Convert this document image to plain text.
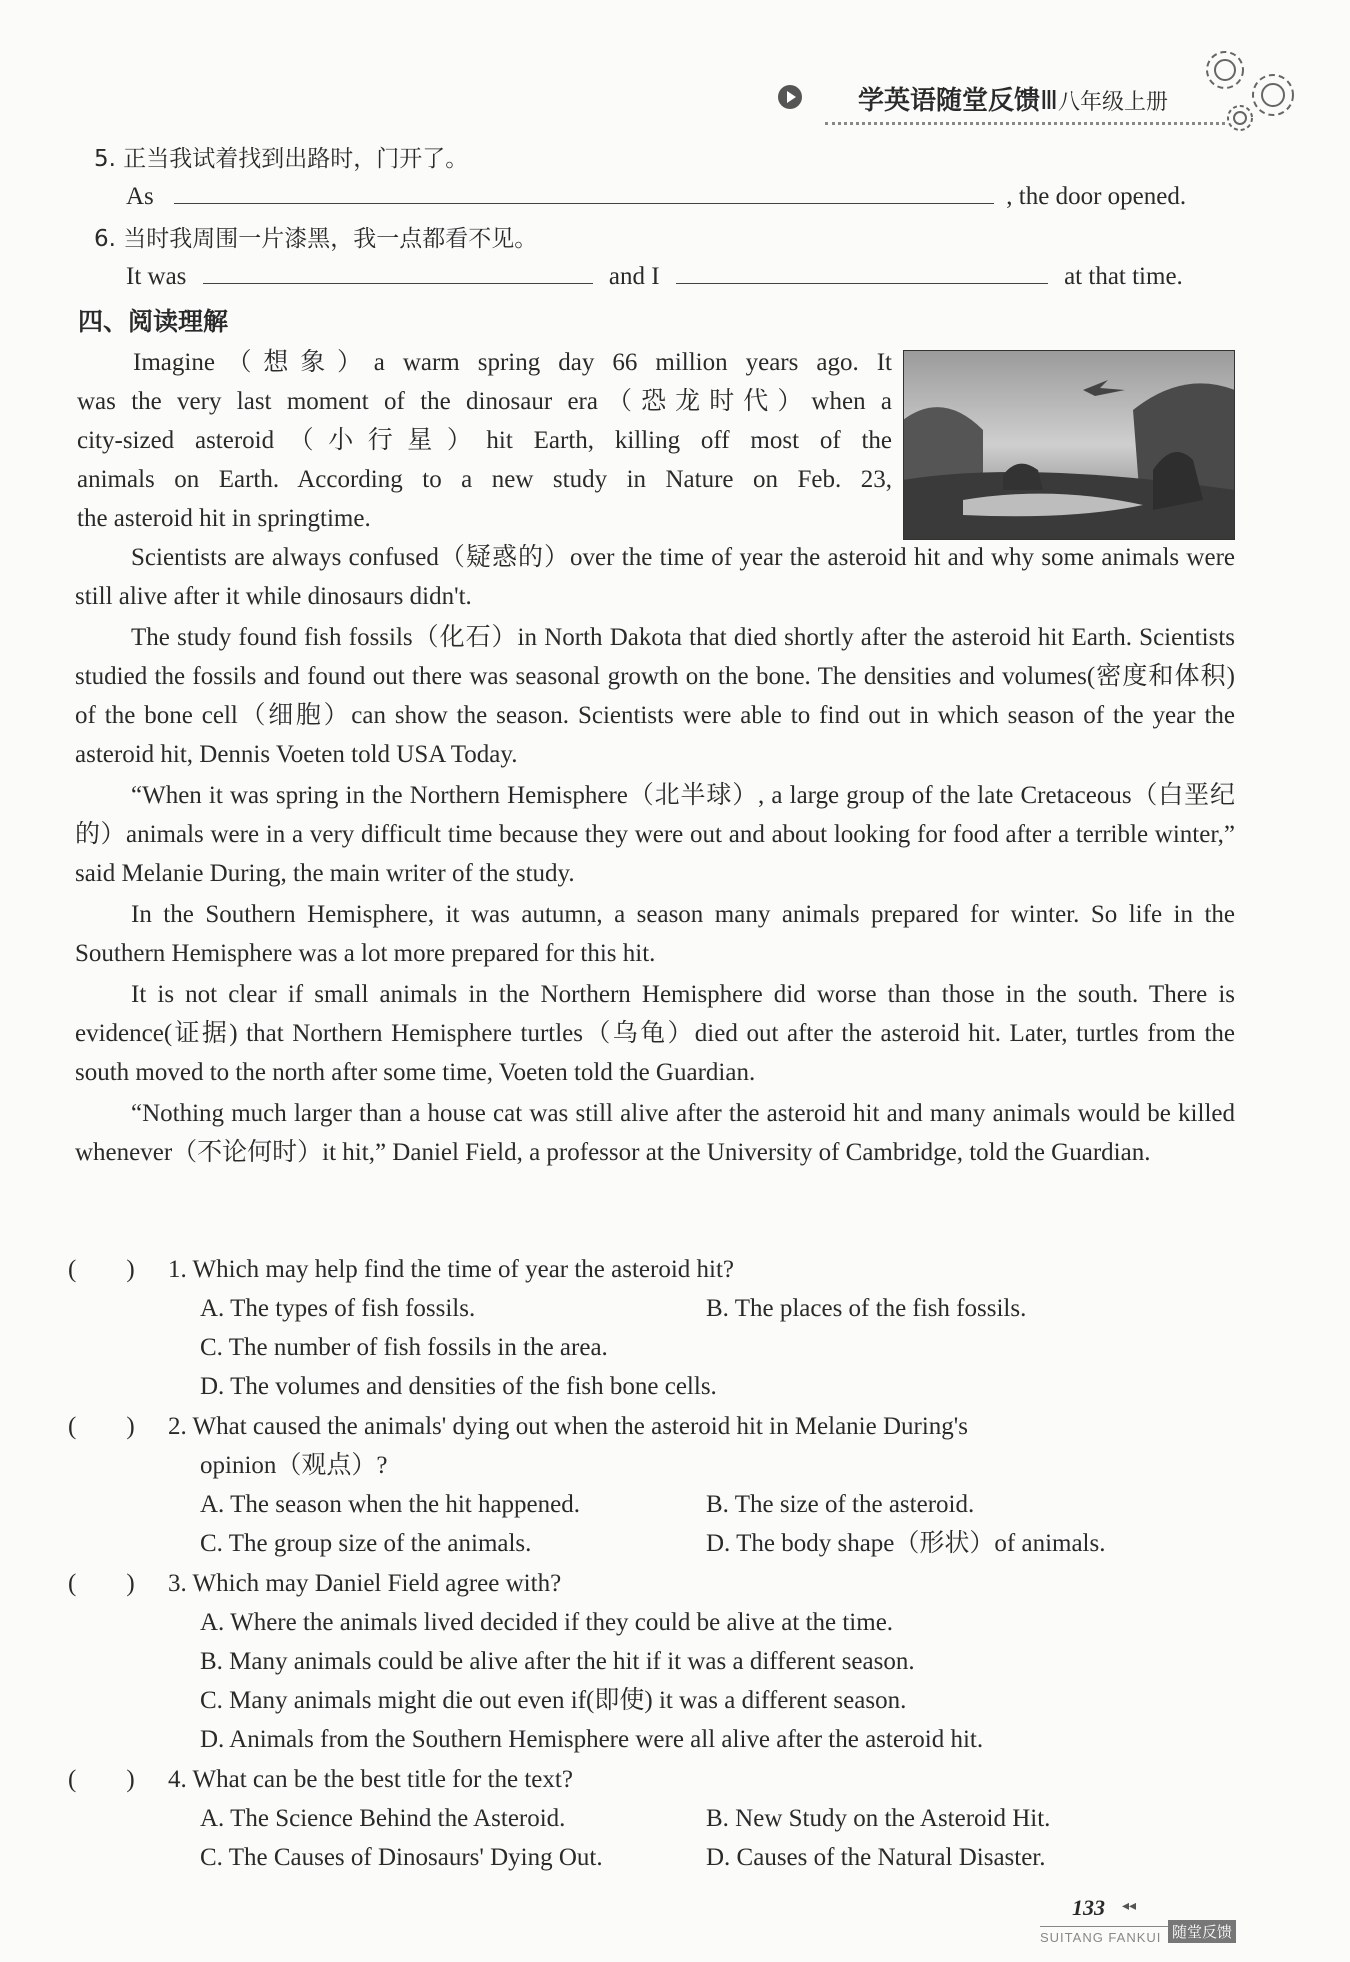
学英语随堂反馈Ⅲ八年级上册
5. 正当我试着找到出路时，门开了。
As	, the door opened.
6. 当时我周围一片漆黑，我一点都看不见。
It was	and I	at that time.
四、阅读理解
Imagine（想象）a warm spring day 66 million years ago. It
was the very last moment of the dinosaur era（恐龙时代）when a
city-sized asteroid（小行星）hit Earth, killing off most of the
animals on Earth. According to a new study in Nature on Feb. 23,
the asteroid hit in springtime.

Scientists are always confused（疑惑的）over the time of year the asteroid hit and why some animals were still alive after it while dinosaurs didn't.

The study found fish fossils（化石）in North Dakota that died shortly after the asteroid hit Earth. Scientists studied the fossils and found out there was seasonal growth on the bone. The densities and volumes(密度和体积) of the bone cell（细胞）can show the season. Scientists were able to find out in which season of the year the asteroid hit, Dennis Voeten told USA Today.

“When it was spring in the Northern Hemisphere（北半球）, a large group of the late Cretaceous（白垩纪的）animals were in a very difficult time because they were out and about looking for food after a terrible winter,” said Melanie During, the main writer of the study.

In the Southern Hemisphere, it was autumn, a season many animals prepared for winter. So life in the Southern Hemisphere was a lot more prepared for this hit.

It is not clear if small animals in the Northern Hemisphere did worse than those in the south. There is evidence(证据) that Northern Hemisphere turtles（乌龟）died out after the asteroid hit. Later, turtles from the south moved to the north after some time, Voeten told the Guardian.

“Nothing much larger than a house cat was still alive after the asteroid hit and many animals would be killed whenever（不论何时）it hit,” Daniel Field, a professor at the University of Cambridge, told the Guardian.

(　　) 1. Which may help find the time of year the asteroid hit?
A. The types of fish fossils.	B. The places of the fish fossils.
C. The number of fish fossils in the area.
D. The volumes and densities of the fish bone cells.
(　　) 2. What caused the animals' dying out when the asteroid hit in Melanie During's
opinion（观点）?
A. The season when the hit happened.	B. The size of the asteroid.
C. The group size of the animals.	D. The body shape（形状）of animals.
(　　) 3. Which may Daniel Field agree with?
A. Where the animals lived decided if they could be alive at the time.
B. Many animals could be alive after the hit if it was a different season.
C. Many animals might die out even if(即使) it was a different season.
D. Animals from the Southern Hemisphere were all alive after the asteroid hit.
(　　) 4. What can be the best title for the text?
A. The Science Behind the Asteroid.	B. New Study on the Asteroid Hit.
C. The Causes of Dinosaurs' Dying Out.	D. Causes of the Natural Disaster.
133 ◂◂
SUITANG FANKUI 随堂反馈
